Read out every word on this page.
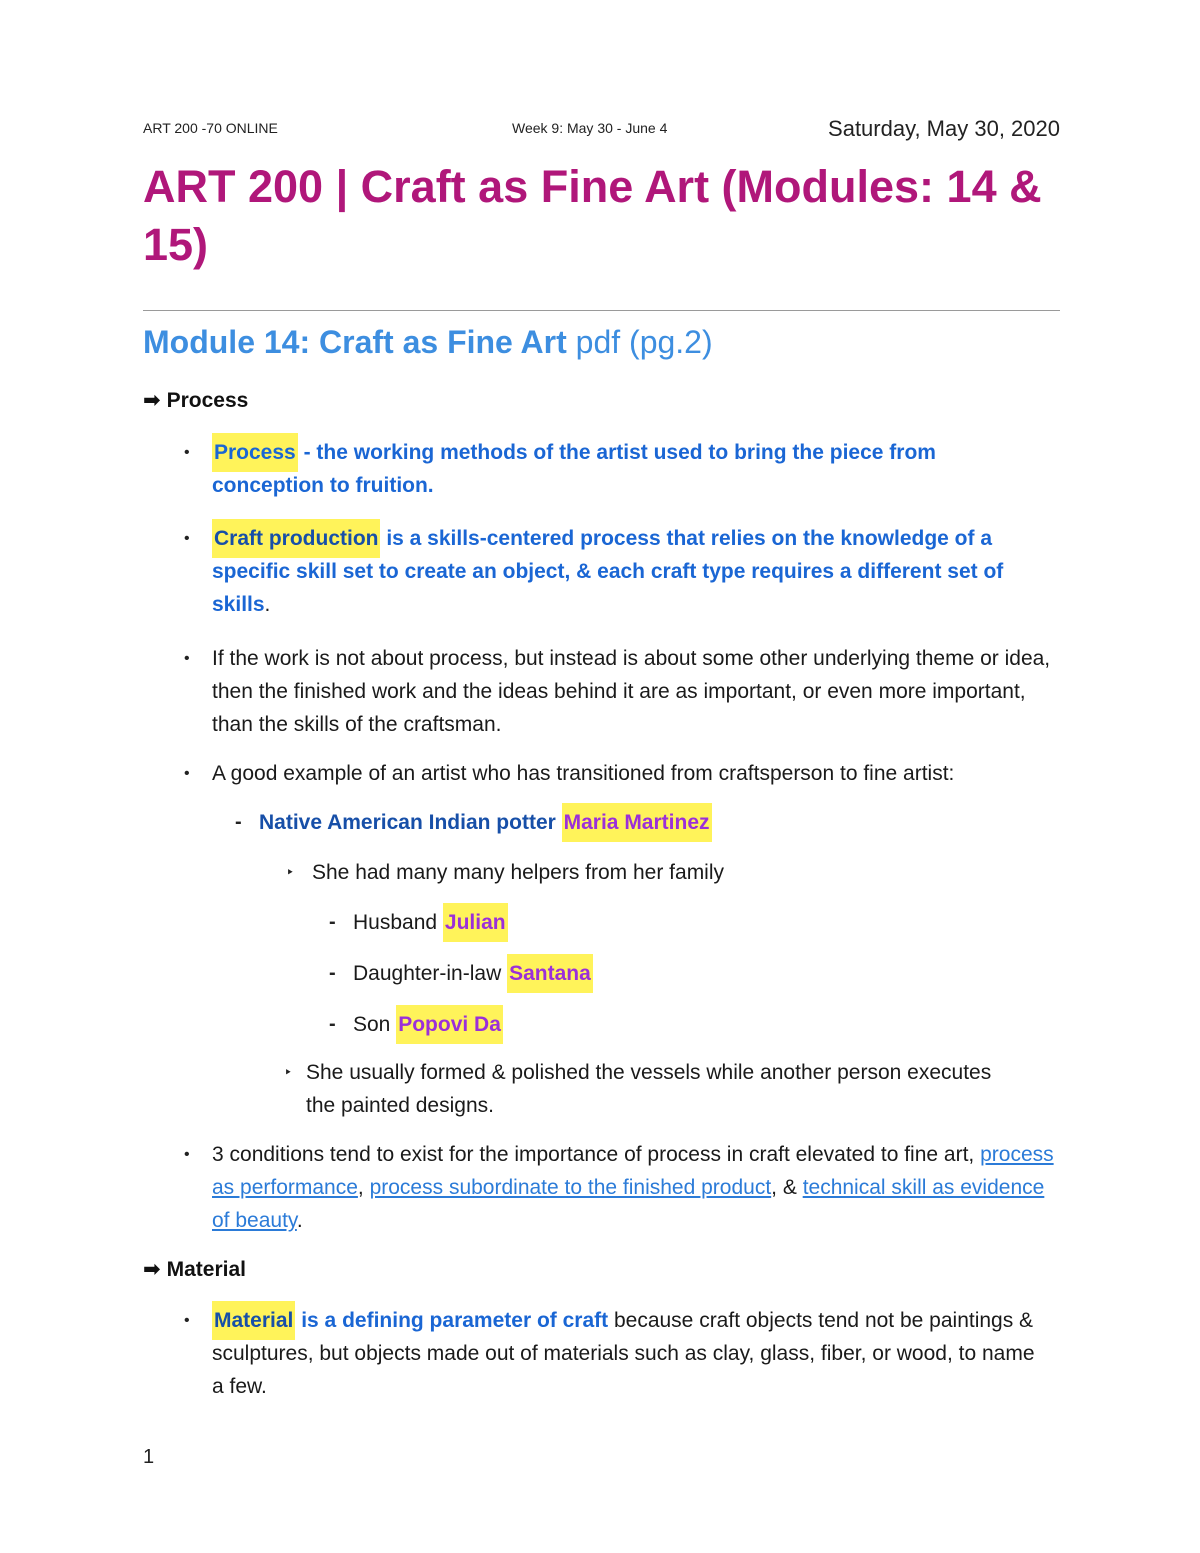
ART 200 -70 ONLINE	Week 9: May 30 - June 4	Saturday, May 30, 2020
ART 200 | Craft as Fine Art (Modules: 14 & 15)
Module 14: Craft as Fine Art pdf (pg.2)
➡ Process
• Process - the working methods of the artist used to bring the piece from conception to fruition.
• Craft production is a skills-centered process that relies on the knowledge of a specific skill set to create an object, & each craft type requires a different set of skills.
• If the work is not about process, but instead is about some other underlying theme or idea, then the finished work and the ideas behind it are as important, or even more important, than the skills of the craftsman.
• A good example of an artist who has transitioned from craftsperson to fine artist:
- Native American Indian potter Maria Martinez
‣ She had many many helpers from her family
- Husband Julian
- Daughter-in-law Santana
- Son Popovi Da
‣ She usually formed & polished the vessels while another person executes the painted designs.
• 3 conditions tend to exist for the importance of process in craft elevated to fine art, process as performance, process subordinate to the finished product, & technical skill as evidence of beauty.
➡ Material
• Material is a defining parameter of craft because craft objects tend not be paintings & sculptures, but objects made out of materials such as clay, glass, fiber, or wood, to name a few.
1
